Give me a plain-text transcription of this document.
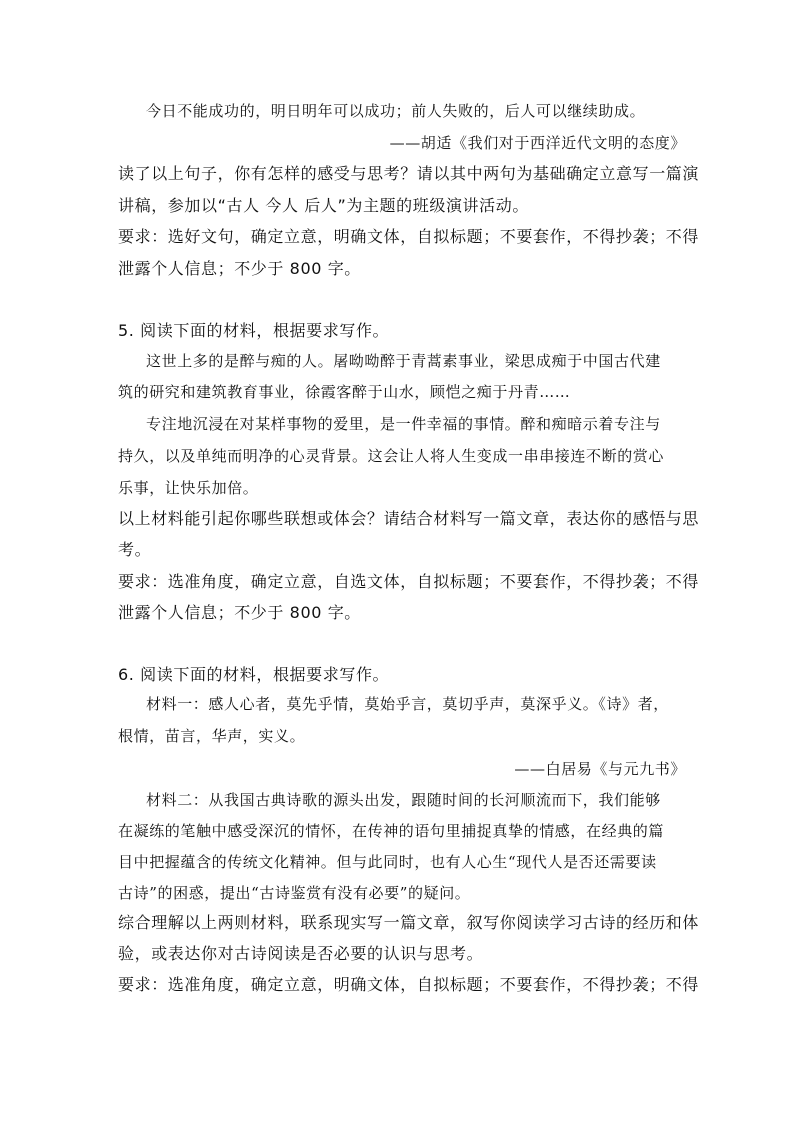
今日不能成功的，明日明年可以成功；前人失败的，后人可以继续助成。
——胡适《我们对于西洋近代文明的态度》
读了以上句子，你有怎样的感受与思考？请以其中两句为基础确定立意写一篇演
讲稿，参加以“古人 今人 后人”为主题的班级演讲活动。
要求：选好文句，确定立意，明确文体，自拟标题；不要套作，不得抄袭；不得
泄露个人信息；不少于 800 字。
5. 阅读下面的材料，根据要求写作。
这世上多的是醉与痴的人。屠呦呦醉于青蒿素事业，梁思成痴于中国古代建
筑的研究和建筑教育事业，徐霞客醉于山水，顾恺之痴于丹青……
专注地沉浸在对某样事物的爱里，是一件幸福的事情。醉和痴暗示着专注与
持久，以及单纯而明净的心灵背景。这会让人将人生变成一串串接连不断的赏心
乐事，让快乐加倍。
以上材料能引起你哪些联想或体会？请结合材料写一篇文章，表达你的感悟与思
考。
要求：选准角度，确定立意，自选文体，自拟标题；不要套作，不得抄袭；不得
泄露个人信息；不少于 800 字。
6. 阅读下面的材料，根据要求写作。
材料一：感人心者，莫先乎情，莫始乎言，莫切乎声，莫深乎义。《诗》者，
根情，苗言，华声，实义。
——白居易《与元九书》
材料二：从我国古典诗歌的源头出发，跟随时间的长河顺流而下，我们能够
在凝练的笔触中感受深沉的情怀，在传神的语句里捕捉真挚的情感，在经典的篇
目中把握蕴含的传统文化精神。但与此同时，也有人心生“现代人是否还需要读
古诗”的困惑，提出“古诗鉴赏有没有必要”的疑问。
综合理解以上两则材料，联系现实写一篇文章，叙写你阅读学习古诗的经历和体
验，或表达你对古诗阅读是否必要的认识与思考。
要求：选准角度，确定立意，明确文体，自拟标题；不要套作，不得抄袭；不得
